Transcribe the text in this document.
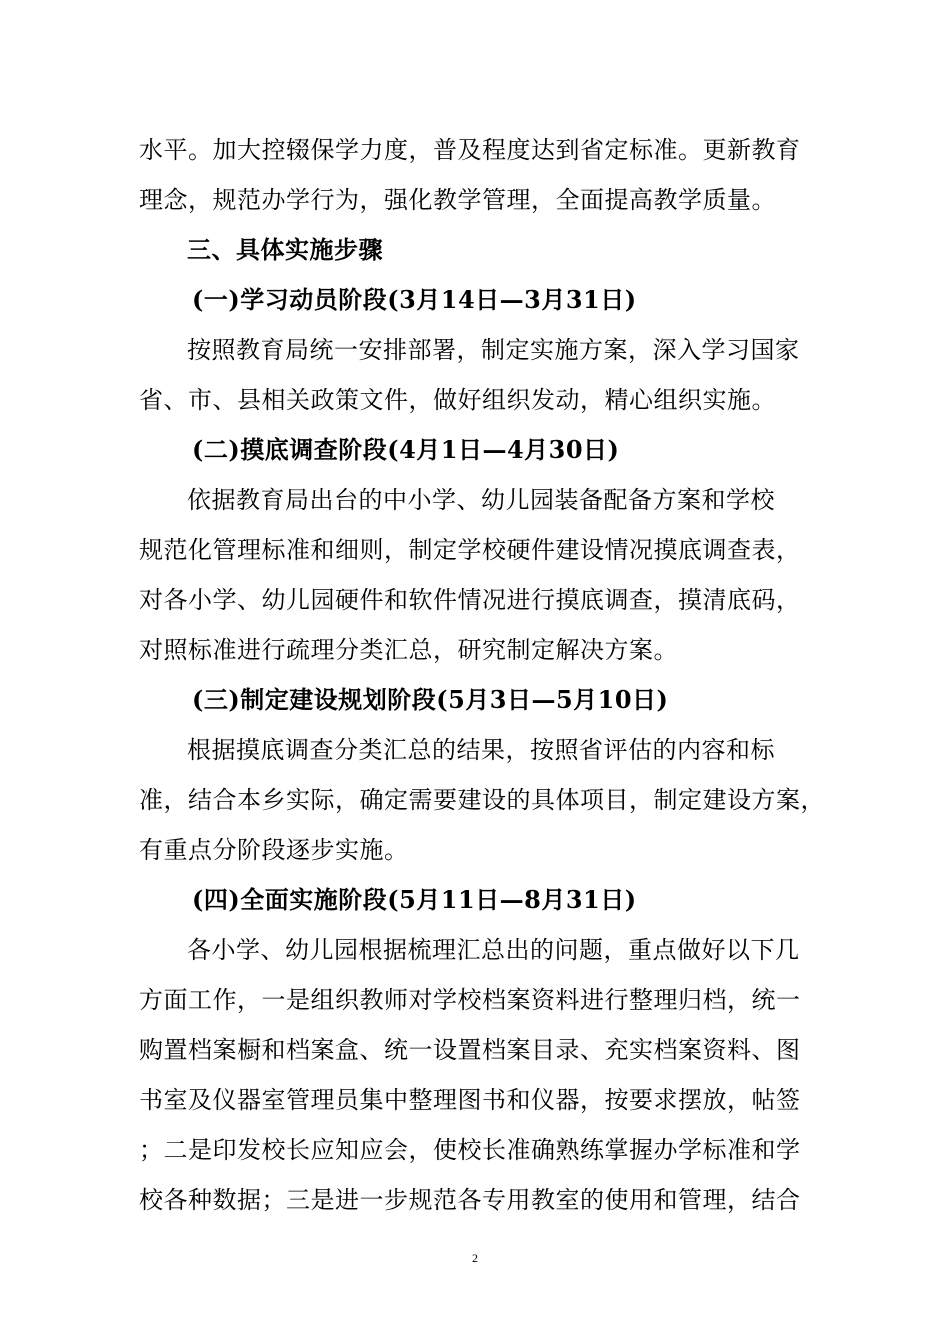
水平。加大控辍保学力度，普及程度达到省定标准。更新教育
理念，规范办学行为，强化教学管理，全面提高教学质量。
三、具体实施步骤
(一)学习动员阶段(3月14日—3月31日)
按照教育局统一安排部署，制定实施方案，深入学习国家
省、市、县相关政策文件，做好组织发动，精心组织实施。
(二)摸底调查阶段(4月1日—4月30日)
依据教育局出台的中小学、幼儿园装备配备方案和学校
规范化管理标准和细则，制定学校硬件建设情况摸底调查表，
对各小学、幼儿园硬件和软件情况进行摸底调查，摸清底码，
对照标准进行疏理分类汇总，研究制定解决方案。
(三)制定建设规划阶段(5月3日—5月10日)
根据摸底调查分类汇总的结果，按照省评估的内容和标
准，结合本乡实际，确定需要建设的具体项目，制定建设方案，
有重点分阶段逐步实施。
(四)全面实施阶段(5月11日—8月31日)
各小学、幼儿园根据梳理汇总出的问题，重点做好以下几
方面工作，一是组织教师对学校档案资料进行整理归档，统一
购置档案橱和档案盒、统一设置档案目录、充实档案资料、图
书室及仪器室管理员集中整理图书和仪器，按要求摆放，帖签
；二是印发校长应知应会，使校长准确熟练掌握办学标准和学
校各种数据；三是进一步规范各专用教室的使用和管理，结合
2
